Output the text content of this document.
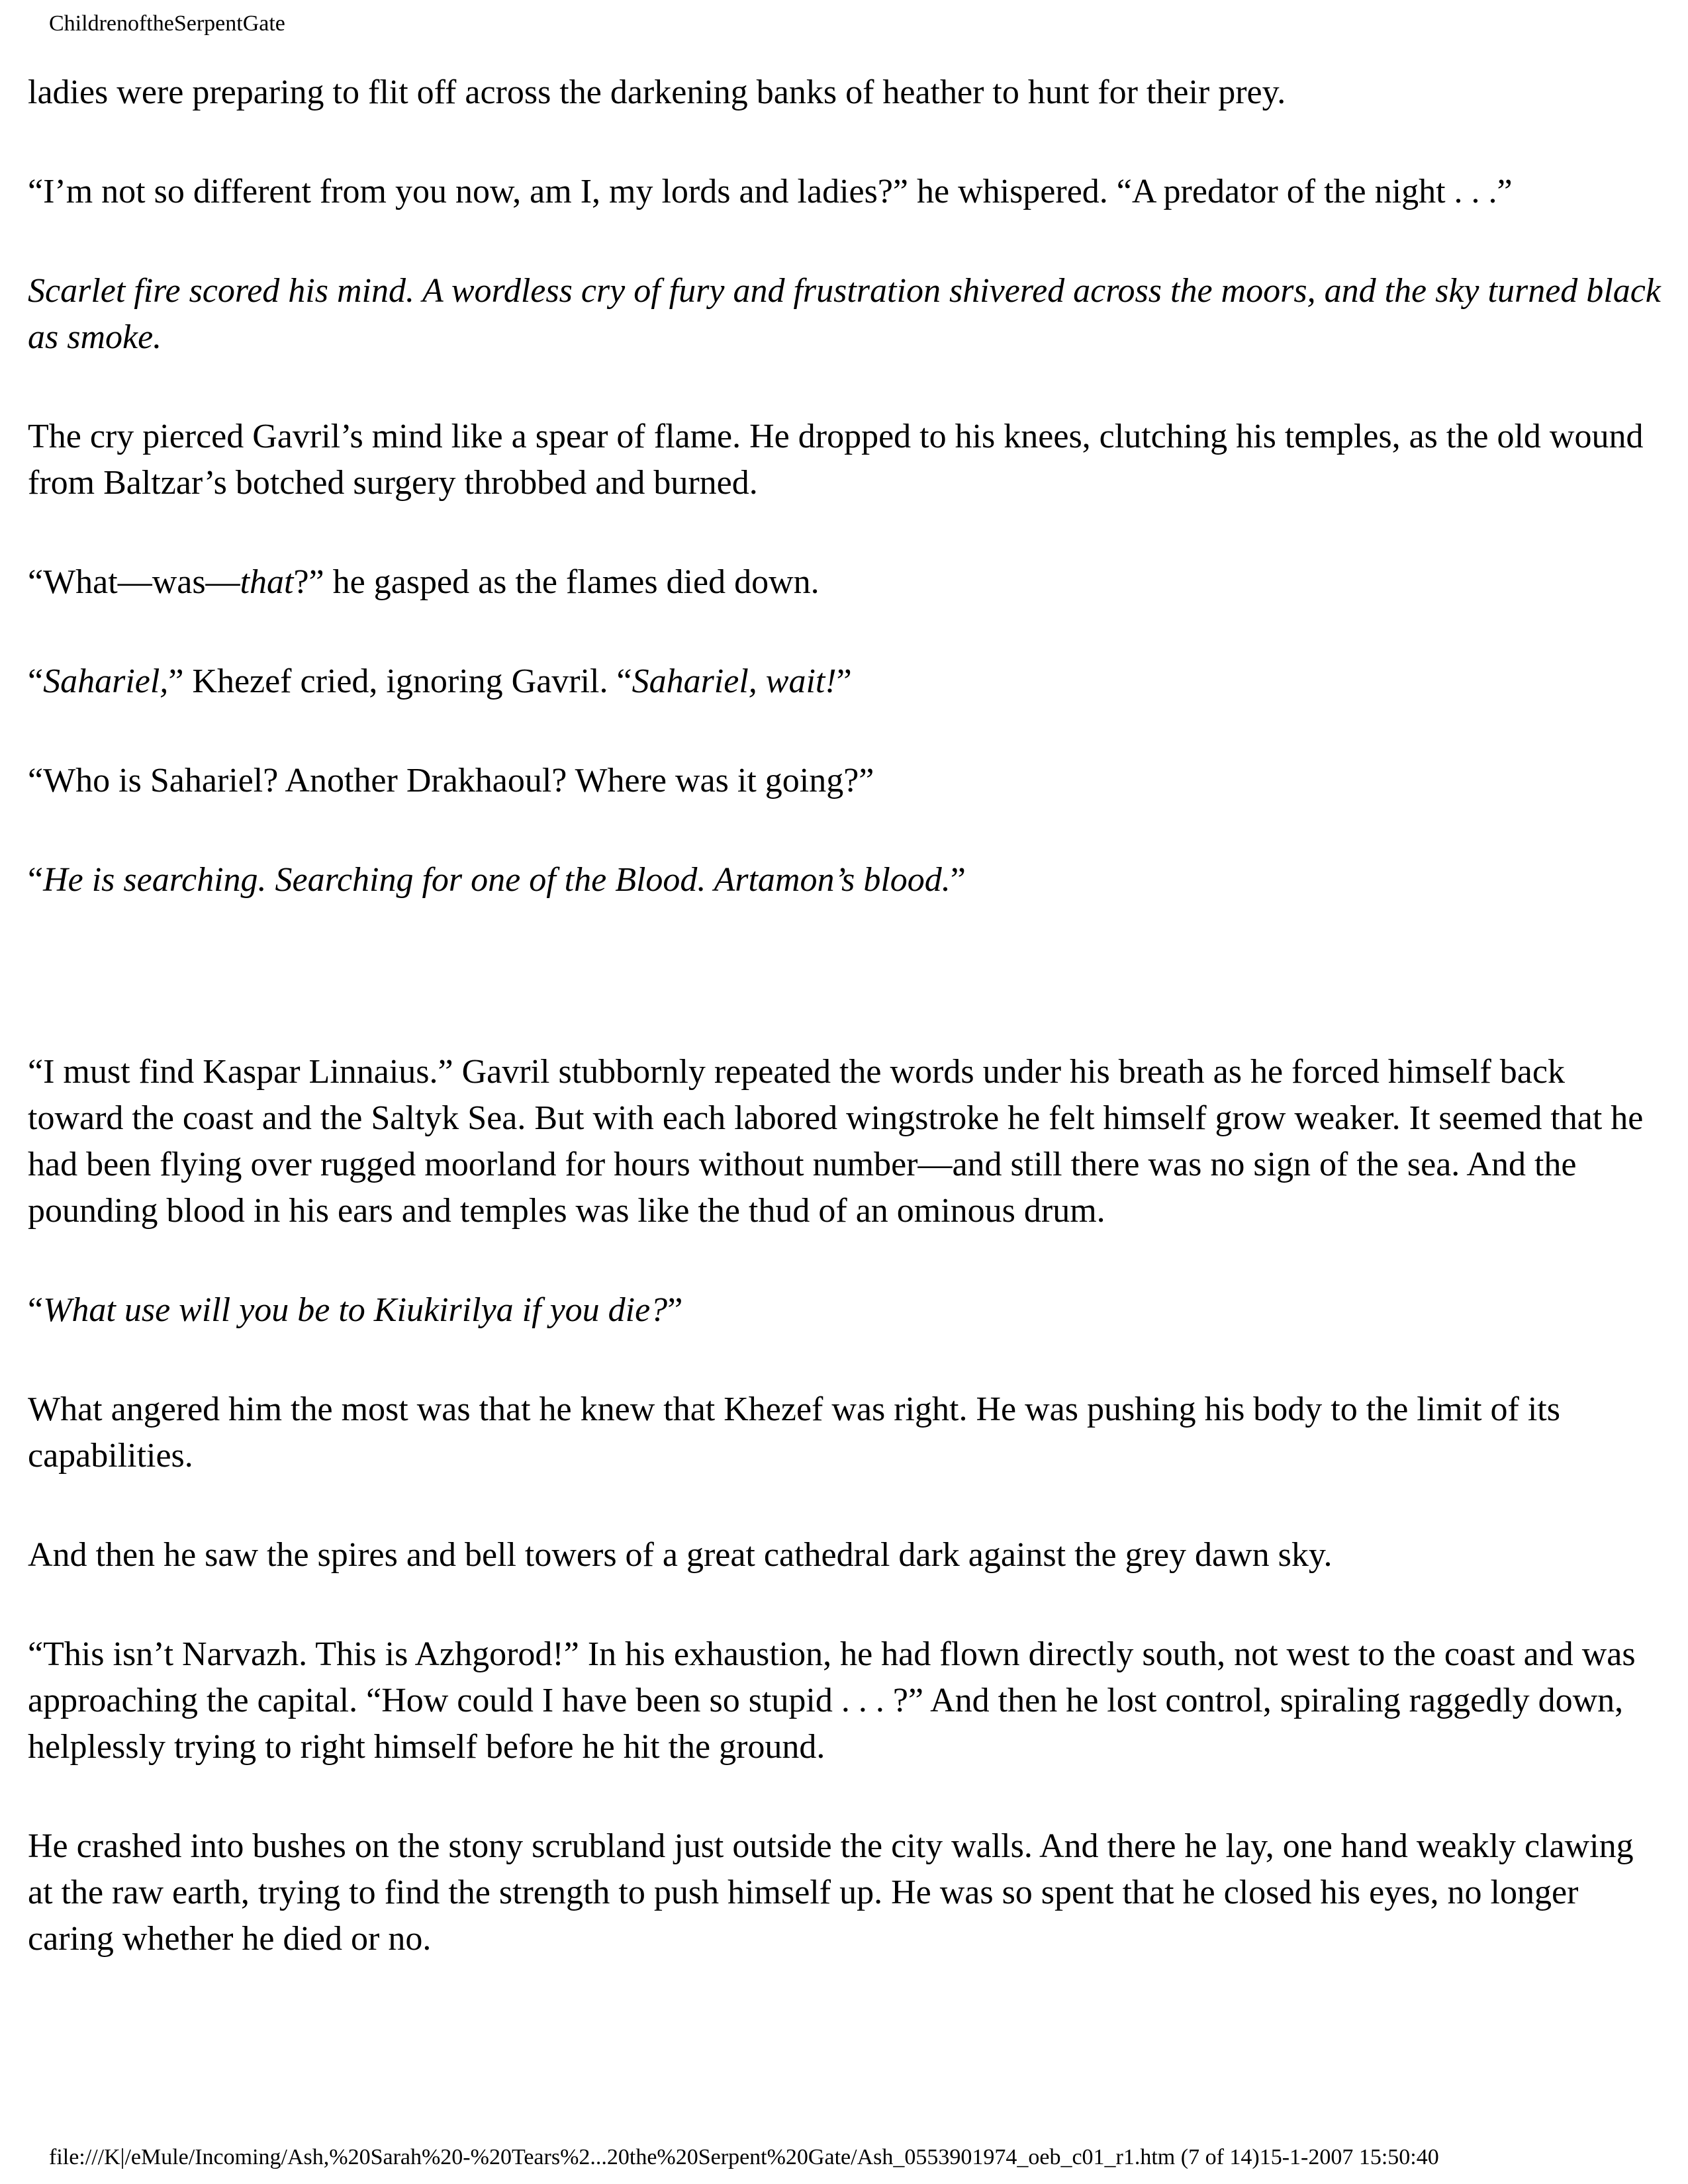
ChildrenoftheSerpentGate

ladies were preparing to flit off across the darkening banks of heather to hunt for their prey.

“I’m not so different from you now, am I, my lords and ladies?” he whispered. “A predator of the night . . .”

Scarlet fire scored his mind. A wordless cry of fury and frustration shivered across the moors, and the sky turned black as smoke.

The cry pierced Gavril’s mind like a spear of flame. He dropped to his knees, clutching his temples, as the old wound from Baltzar’s botched surgery throbbed and burned.

“What—was—that?” he gasped as the flames died down.

“Sahariel,” Khezef cried, ignoring Gavril. “Sahariel, wait!”

“Who is Sahariel? Another Drakhaoul? Where was it going?”

“He is searching. Searching for one of the Blood. Artamon’s blood.”

“I must find Kaspar Linnaius.” Gavril stubbornly repeated the words under his breath as he forced himself back toward the coast and the Saltyk Sea. But with each labored wingstroke he felt himself grow weaker. It seemed that he had been flying over rugged moorland for hours without number—and still there was no sign of the sea. And the pounding blood in his ears and temples was like the thud of an ominous drum.

“What use will you be to Kiukirilya if you die?”

What angered him the most was that he knew that Khezef was right. He was pushing his body to the limit of its capabilities.

And then he saw the spires and bell towers of a great cathedral dark against the grey dawn sky.

“This isn’t Narvazh. This is Azhgorod!” In his exhaustion, he had flown directly south, not west to the coast and was approaching the capital. “How could I have been so stupid . . . ?” And then he lost control, spiraling raggedly down, helplessly trying to right himself before he hit the ground.

He crashed into bushes on the stony scrubland just outside the city walls. And there he lay, one hand weakly clawing at the raw earth, trying to find the strength to push himself up. He was so spent that he closed his eyes, no longer caring whether he died or no.

file:///K|/eMule/Incoming/Ash,%20Sarah%20-%20Tears%2...20the%20Serpent%20Gate/Ash_0553901974_oeb_c01_r1.htm (7 of 14)15-1-2007 15:50:40
